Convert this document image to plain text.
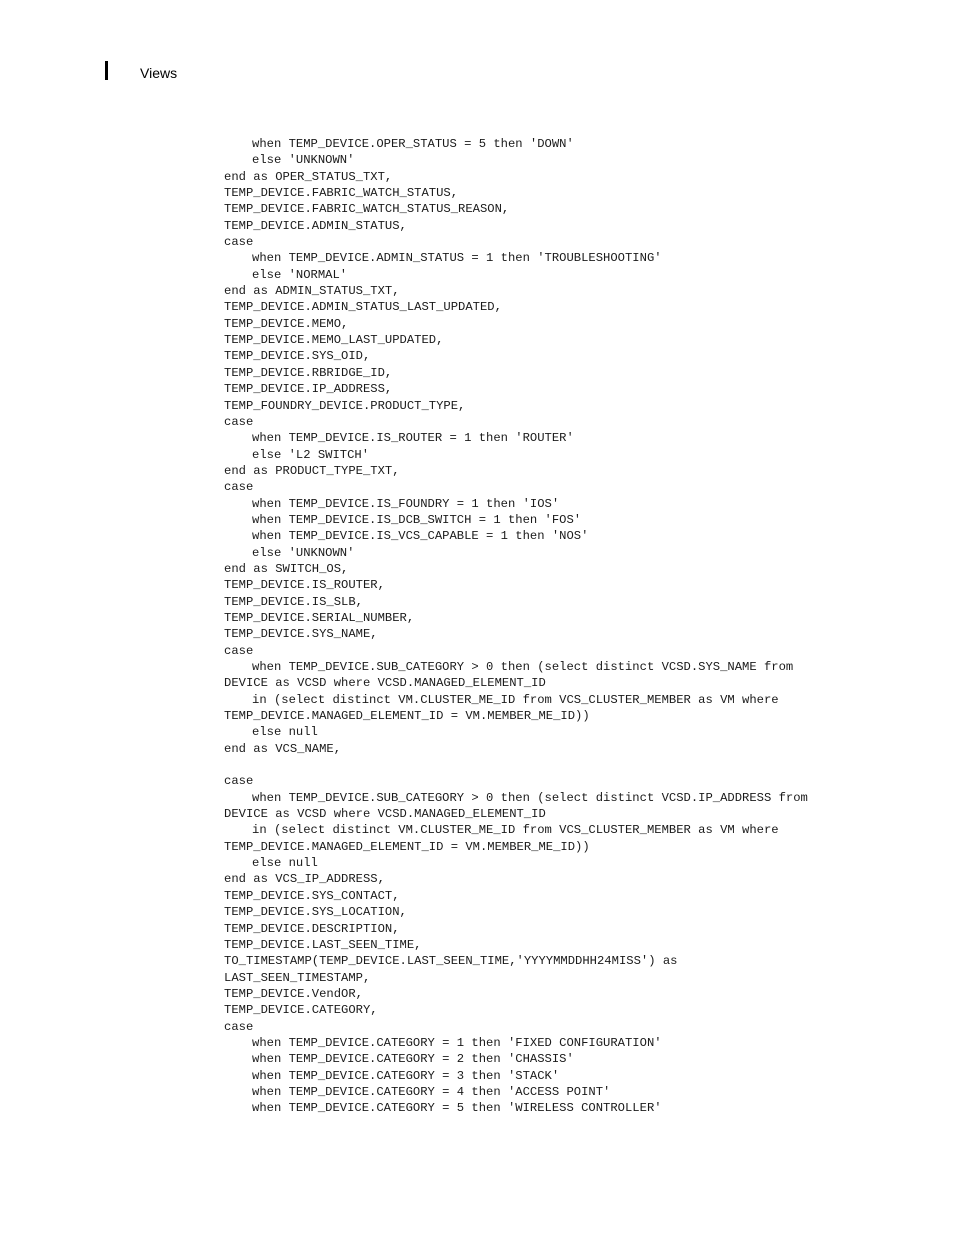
Views
when TEMP_DEVICE.OPER_STATUS = 5 then 'DOWN'
else 'UNKNOWN'
end as OPER_STATUS_TXT,
TEMP_DEVICE.FABRIC_WATCH_STATUS,
TEMP_DEVICE.FABRIC_WATCH_STATUS_REASON,
TEMP_DEVICE.ADMIN_STATUS,
case
when TEMP_DEVICE.ADMIN_STATUS = 1 then 'TROUBLESHOOTING'
else 'NORMAL'
end as ADMIN_STATUS_TXT,
TEMP_DEVICE.ADMIN_STATUS_LAST_UPDATED,
TEMP_DEVICE.MEMO,
TEMP_DEVICE.MEMO_LAST_UPDATED,
TEMP_DEVICE.SYS_OID,
TEMP_DEVICE.RBRIDGE_ID,
TEMP_DEVICE.IP_ADDRESS,
TEMP_FOUNDRY_DEVICE.PRODUCT_TYPE,
case
when TEMP_DEVICE.IS_ROUTER = 1 then 'ROUTER'
else 'L2 SWITCH'
end as PRODUCT_TYPE_TXT,
case
when TEMP_DEVICE.IS_FOUNDRY = 1 then 'IOS'
when TEMP_DEVICE.IS_DCB_SWITCH = 1 then 'FOS'
when TEMP_DEVICE.IS_VCS_CAPABLE = 1 then 'NOS'
else 'UNKNOWN'
end as SWITCH_OS,
TEMP_DEVICE.IS_ROUTER,
TEMP_DEVICE.IS_SLB,
TEMP_DEVICE.SERIAL_NUMBER,
TEMP_DEVICE.SYS_NAME,
case
when TEMP_DEVICE.SUB_CATEGORY > 0 then (select distinct VCSD.SYS_NAME from
DEVICE as VCSD where VCSD.MANAGED_ELEMENT_ID
in (select distinct VM.CLUSTER_ME_ID from VCS_CLUSTER_MEMBER as VM where
TEMP_DEVICE.MANAGED_ELEMENT_ID = VM.MEMBER_ME_ID))
else null
end as VCS_NAME,
case
when TEMP_DEVICE.SUB_CATEGORY > 0 then (select distinct VCSD.IP_ADDRESS from
DEVICE as VCSD where VCSD.MANAGED_ELEMENT_ID
in (select distinct VM.CLUSTER_ME_ID from VCS_CLUSTER_MEMBER as VM where
TEMP_DEVICE.MANAGED_ELEMENT_ID = VM.MEMBER_ME_ID))
else null
end as VCS_IP_ADDRESS,
TEMP_DEVICE.SYS_CONTACT,
TEMP_DEVICE.SYS_LOCATION,
TEMP_DEVICE.DESCRIPTION,
TEMP_DEVICE.LAST_SEEN_TIME,
TO_TIMESTAMP(TEMP_DEVICE.LAST_SEEN_TIME,'YYYYMMDDHH24MISS') as
LAST_SEEN_TIMESTAMP,
TEMP_DEVICE.VendOR,
TEMP_DEVICE.CATEGORY,
case
when TEMP_DEVICE.CATEGORY = 1 then 'FIXED CONFIGURATION'
when TEMP_DEVICE.CATEGORY = 2 then 'CHASSIS'
when TEMP_DEVICE.CATEGORY = 3 then 'STACK'
when TEMP_DEVICE.CATEGORY = 4 then 'ACCESS POINT'
when TEMP_DEVICE.CATEGORY = 5 then 'WIRELESS CONTROLLER'
